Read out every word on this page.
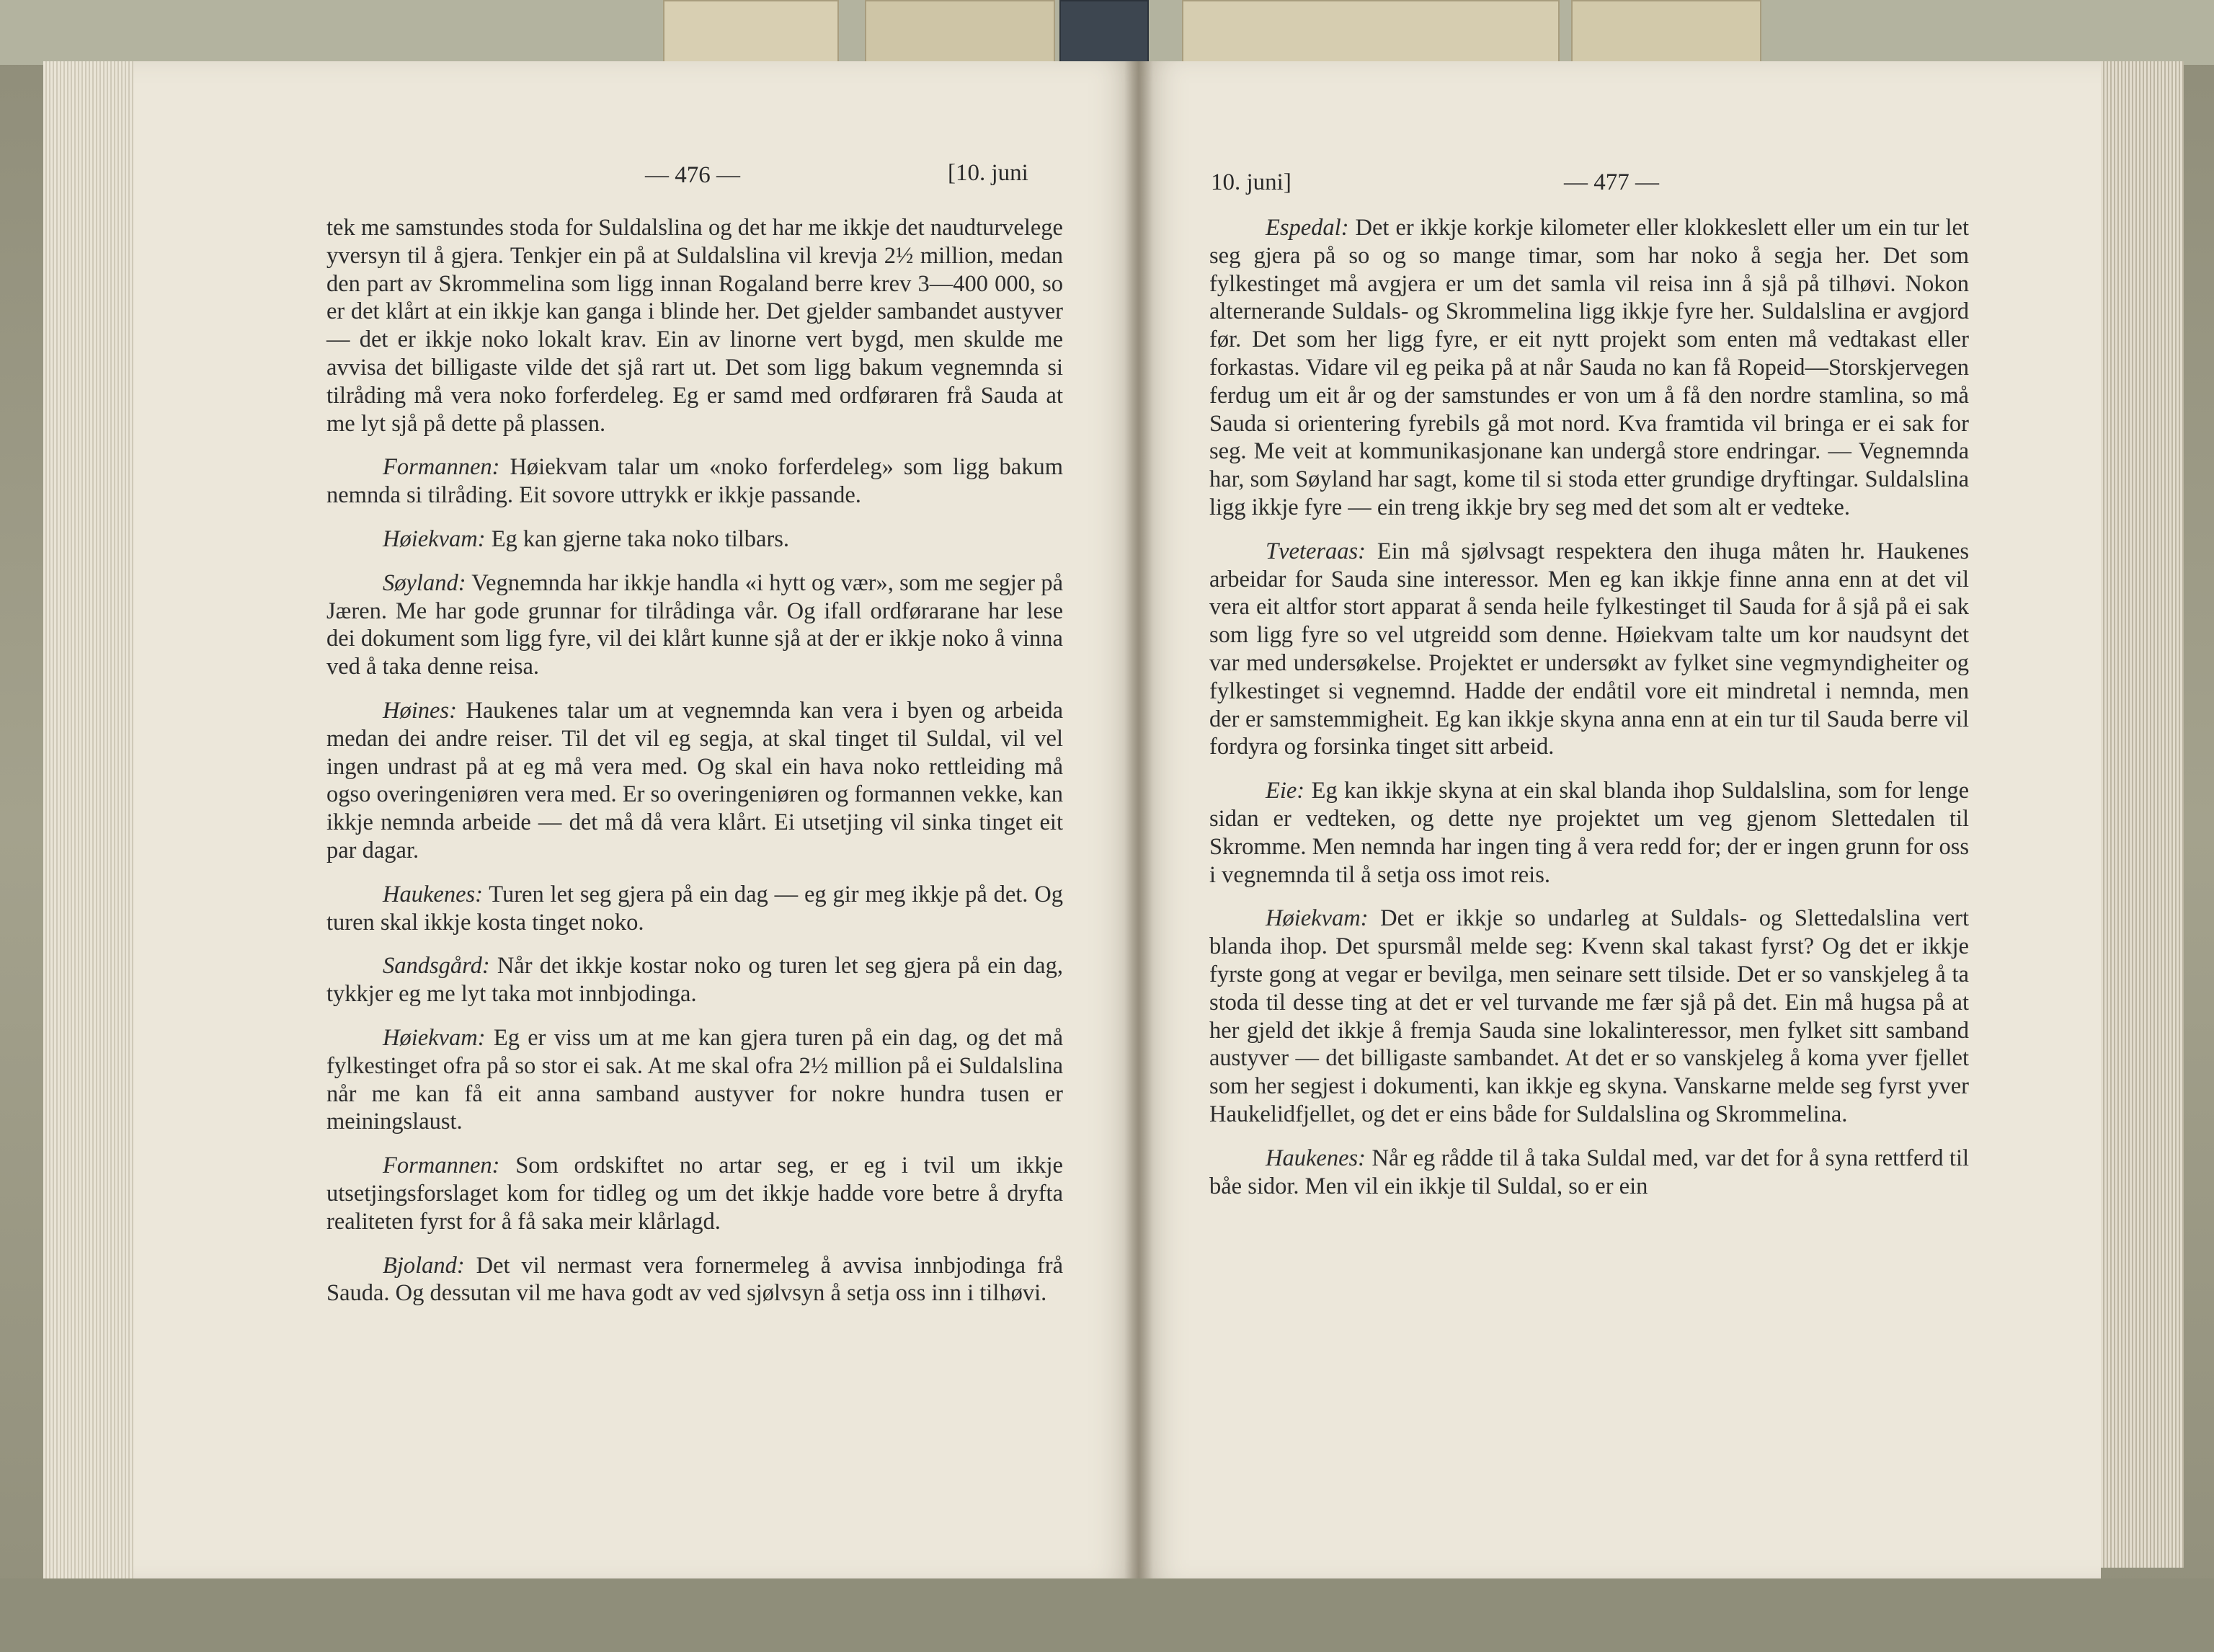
— 476 —	[10. juni

tek me samstundes stoda for Suldalslina og det har me ikkje det naudturvelege yversyn til å gjera. Tenkjer ein på at Suldalslina vil krevja 2½ million, medan den part av Skrommelina som ligg innan Rogaland berre krev 3—400 000, so er det klårt at ein ikkje kan ganga i blinde her. Det gjelder sambandet austyver — det er ikkje noko lokalt krav. Ein av linorne vert bygd, men skulde me avvisa det billigaste vilde det sjå rart ut. Det som ligg bakum vegnemnda si tilråding må vera noko forferdeleg. Eg er samd med ordføraren frå Sauda at me lyt sjå på dette på plassen.

Formannen: Høiekvam talar um «noko forferdeleg» som ligg bakum nemnda si tilråding. Eit sovore uttrykk er ikkje passande.

Høiekvam: Eg kan gjerne taka noko tilbars.

Søyland: Vegnemnda har ikkje handla «i hytt og vær», som me segjer på Jæren. Me har gode grunnar for tilrådinga vår. Og ifall ordførarane har lese dei dokument som ligg fyre, vil dei klårt kunne sjå at der er ikkje noko å vinna ved å taka denne reisa.

Høines: Haukenes talar um at vegnemnda kan vera i byen og arbeida medan dei andre reiser. Til det vil eg segja, at skal tinget til Suldal, vil vel ingen undrast på at eg må vera med. Og skal ein hava noko rettleiding må ogso overingeniøren vera med. Er so overingeniøren og formannen vekke, kan ikkje nemnda arbeide — det må då vera klårt. Ei utsetjing vil sinka tinget eit par dagar.

Haukenes: Turen let seg gjera på ein dag — eg gir meg ikkje på det. Og turen skal ikkje kosta tinget noko.

Sandsgård: Når det ikkje kostar noko og turen let seg gjera på ein dag, tykkjer eg me lyt taka mot innbjodinga.

Høiekvam: Eg er viss um at me kan gjera turen på ein dag, og det må fylkestinget ofra på so stor ei sak. At me skal ofra 2½ million på ei Suldalslina når me kan få eit anna samband austyver for nokre hundra tusen er meiningslaust.

Formannen: Som ordskiftet no artar seg, er eg i tvil um ikkje utsetjingsforslaget kom for tidleg og um det ikkje hadde vore betre å dryfta realiteten fyrst for å få saka meir klårlagd.

Bjoland: Det vil nermast vera fornermeleg å avvisa innbjodinga frå Sauda. Og dessutan vil me hava godt av ved sjølvsyn å setja oss inn i tilhøvi.

10. juni]	— 477 —

Espedal: Det er ikkje korkje kilometer eller klokkeslett eller um ein tur let seg gjera på so og so mange timar, som har noko å segja her. Det som fylkestinget må avgjera er um det samla vil reisa inn å sjå på tilhøvi. Nokon alternerande Suldals- og Skrommelina ligg ikkje fyre her. Suldalslina er avgjord før. Det som her ligg fyre, er eit nytt projekt som enten må vedtakast eller forkastas. Vidare vil eg peika på at når Sauda no kan få Ropeid—Storskjervegen ferdug um eit år og der samstundes er von um å få den nordre stamlina, so må Sauda si orientering fyrebils gå mot nord. Kva framtida vil bringa er ei sak for seg. Me veit at kommunikasjonane kan undergå store endringar. — Vegnemnda har, som Søyland har sagt, kome til si stoda etter grundige dryftingar. Suldalslina ligg ikkje fyre — ein treng ikkje bry seg med det som alt er vedteke.

Tveteraas: Ein må sjølvsagt respektera den ihuga måten hr. Haukenes arbeidar for Sauda sine interessor. Men eg kan ikkje finne anna enn at det vil vera eit altfor stort apparat å senda heile fylkestinget til Sauda for å sjå på ei sak som ligg fyre so vel utgreidd som denne. Høiekvam talte um kor naudsynt det var med undersøkelse. Projektet er undersøkt av fylket sine vegmyndigheiter og fylkestinget si vegnemnd. Hadde der endåtil vore eit mindretal i nemnda, men der er samstemmigheit. Eg kan ikkje skyna anna enn at ein tur til Sauda berre vil fordyra og forsinka tinget sitt arbeid.

Eie: Eg kan ikkje skyna at ein skal blanda ihop Suldalslina, som for lenge sidan er vedteken, og dette nye projektet um veg gjenom Slettedalen til Skromme. Men nemnda har ingen ting å vera redd for; der er ingen grunn for oss i vegnemnda til å setja oss imot reis.

Høiekvam: Det er ikkje so undarleg at Suldals- og Slettedalslina vert blanda ihop. Det spursmål melde seg: Kvenn skal takast fyrst? Og det er ikkje fyrste gong at vegar er bevilga, men seinare sett tilside. Det er so vanskjeleg å ta stoda til desse ting at det er vel turvande me fær sjå på det. Ein må hugsa på at her gjeld det ikkje å fremja Sauda sine lokalinteressor, men fylket sitt samband austyver — det billigaste sambandet. At det er so vanskjeleg å koma yver fjellet som her segjest i dokumenti, kan ikkje eg skyna. Vanskarne melde seg fyrst yver Haukelidfjellet, og det er eins både for Suldalslina og Skrommelina.

Haukenes: Når eg rådde til å taka Suldal med, var det for å syna rettferd til båe sidor. Men vil ein ikkje til Suldal, so er ein
